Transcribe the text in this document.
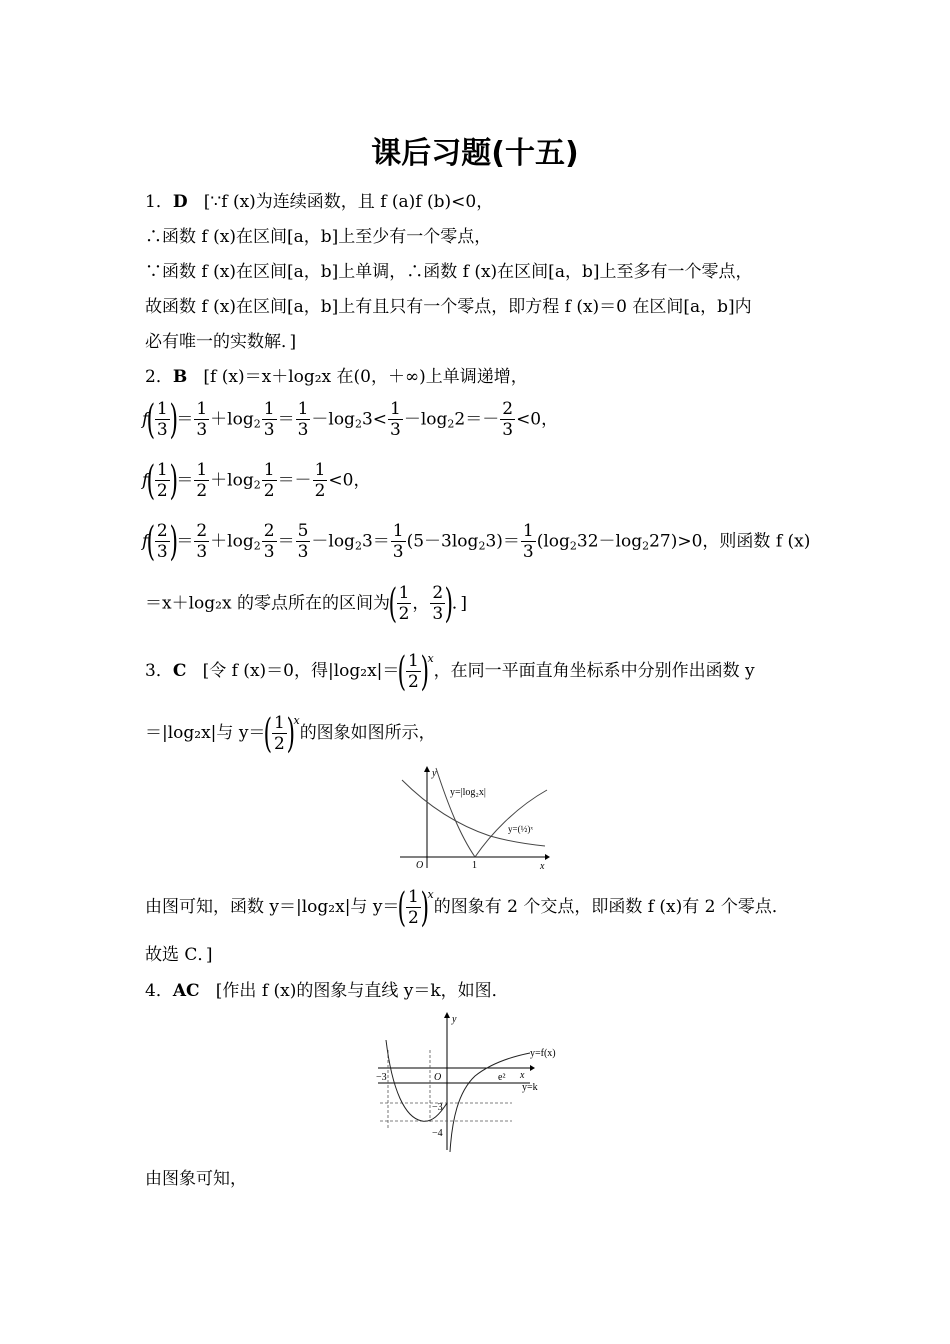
课后习题(十五)
1．D [∵f (x)为连续函数，且 f (a)f (b)<0，
∴函数 f (x)在区间[a，b]上至少有一个零点，
∵函数 f (x)在区间[a，b]上单调，∴函数 f (x)在区间[a，b]上至多有一个零点，
故函数 f (x)在区间[a，b]上有且只有一个零点，即方程 f (x)＝0 在区间[a，b]内
必有唯一的实数解．]
2．B [f (x)＝x＋log₂x 在(0，＋∞)上单调递增，
$f( \frac{1}{3}$ )＝ $\frac{1}{3} +\log_2 \frac{1}{3} = \frac{1}{3} -\log_23< \frac{1}{3} -\log_22=- \frac{2}{3} <0$，
$f( \frac{1}{2}$ )＝ $\frac{1}{2} +\log_2 \frac{1}{2} =- \frac{1}{2} <0$，
$f( \frac{2}{3}$ )＝ $\frac{2}{3} +\log_2 \frac{2}{3} = \frac{5}{3} -\log_23= \frac{1}{3} (5-3\log_23)= \frac{1}{3} (\log_232-\log_227)>0$，则函数 f (x)
＝x＋log₂x 的零点所在的区间为( $\frac{1}{2}$ ， $\frac{2}{3}$ )．]
3．C [令 f (x)＝0，得$|\log_2x|=( \frac{1}{2} )^x$，在同一平面直角坐标系中分别作出函数 y
＝|log₂x|与 $y=( \frac{1}{2} )^x$的图象如图所示，
y
x
O	1
y=|log₂x|
y=(½)ˣ
由图可知，函数 y＝|log₂x|与 $y=( \frac{1}{2} )^x$的图象有 2 个交点，即函数 f (x)有 2 个零点．
故选 C．]
4．AC [作出 f (x)的图象与直线 y＝k，如图．
y
x
O
−3	e²
−3
−4
y=f(x)
y=k
由图象可知，
